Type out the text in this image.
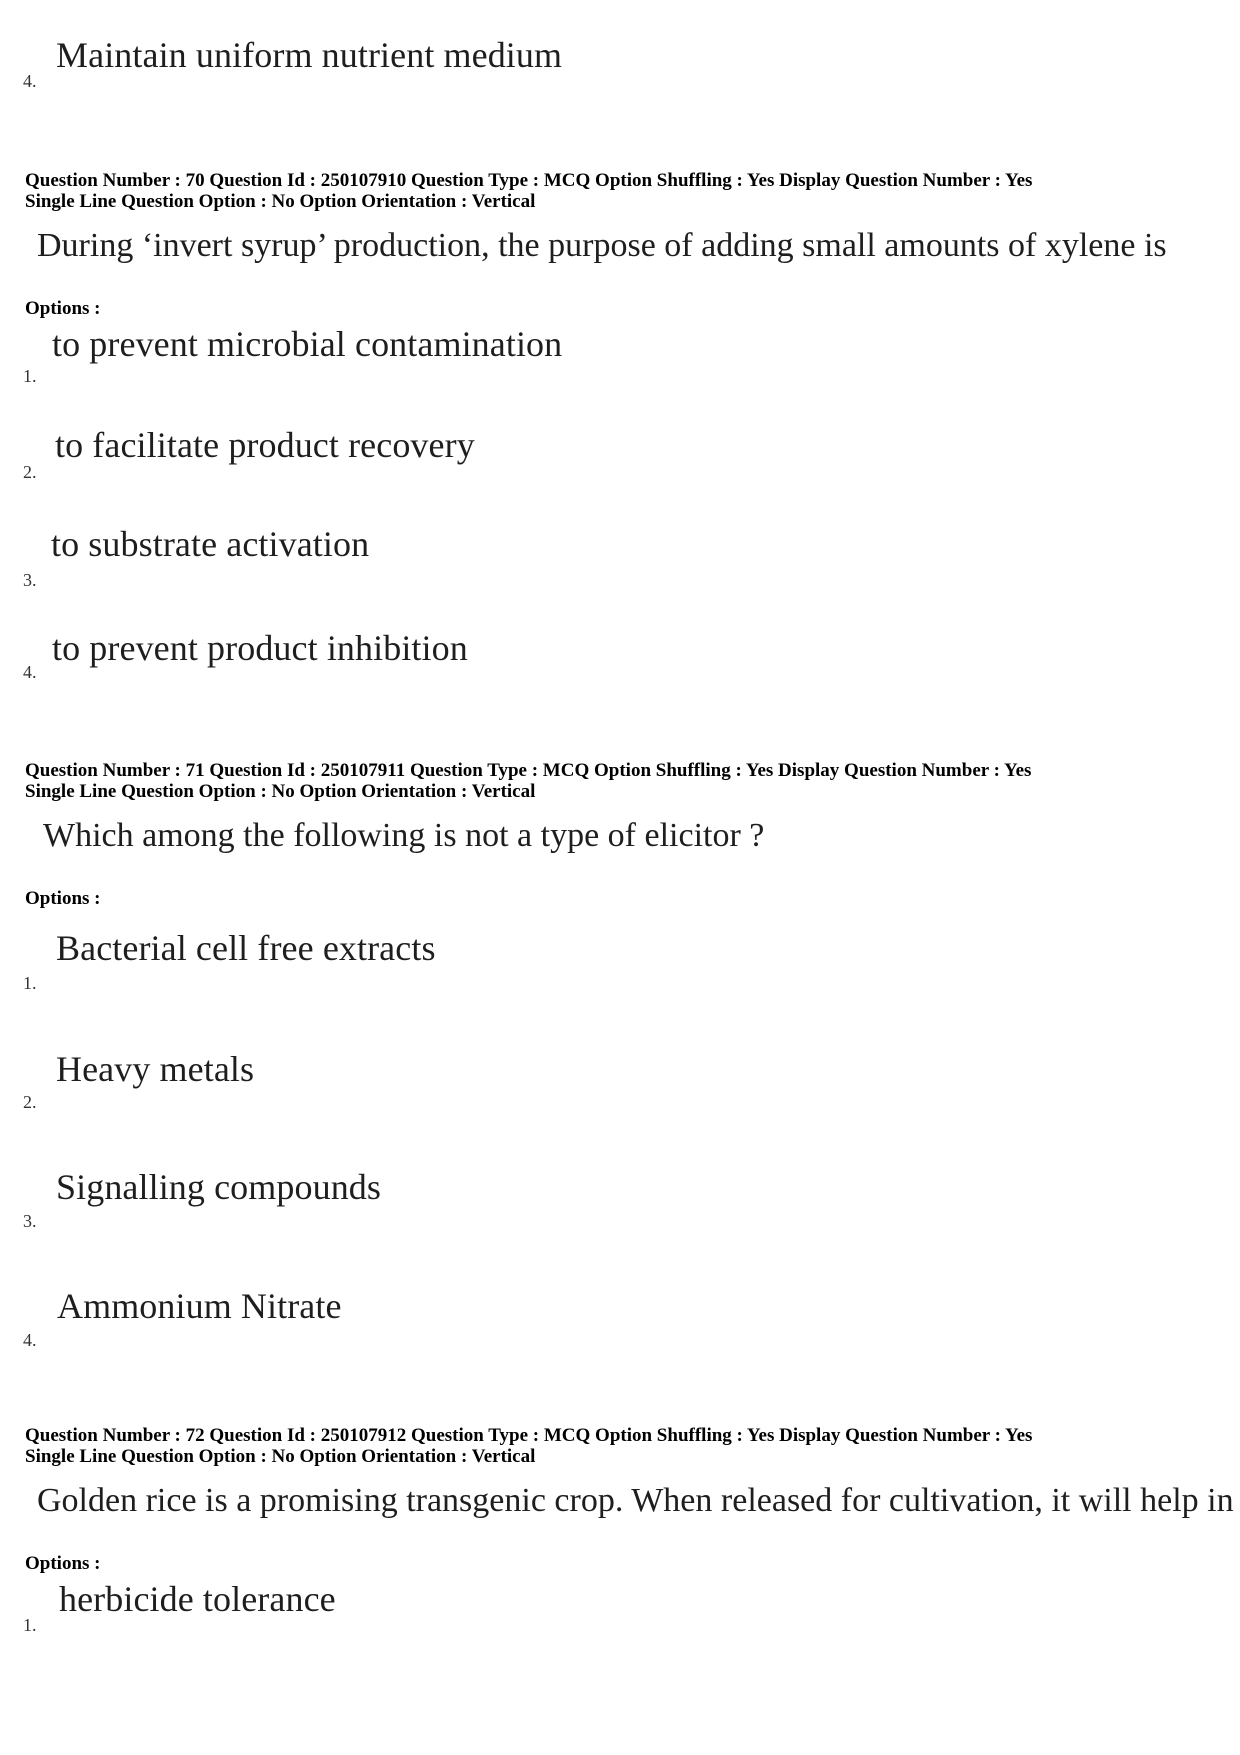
Maintain uniform nutrient medium
4.
Question Number : 70 Question Id : 250107910 Question Type : MCQ Option Shuffling : Yes Display Question Number : Yes
Single Line Question Option : No Option Orientation : Vertical
During ‘invert syrup’ production, the purpose of adding small amounts of xylene is
Options :
to prevent microbial contamination
1.
to facilitate product recovery
2.
to substrate activation
3.
to prevent product inhibition
4.
Question Number : 71 Question Id : 250107911 Question Type : MCQ Option Shuffling : Yes Display Question Number : Yes
Single Line Question Option : No Option Orientation : Vertical
Which among the following is not a type of elicitor ?
Options :
Bacterial cell free extracts
1.
Heavy metals
2.
Signalling compounds
3.
Ammonium Nitrate
4.
Question Number : 72 Question Id : 250107912 Question Type : MCQ Option Shuffling : Yes Display Question Number : Yes
Single Line Question Option : No Option Orientation : Vertical
Golden rice is a promising transgenic crop. When released for cultivation, it will help in
Options :
herbicide tolerance
1.
